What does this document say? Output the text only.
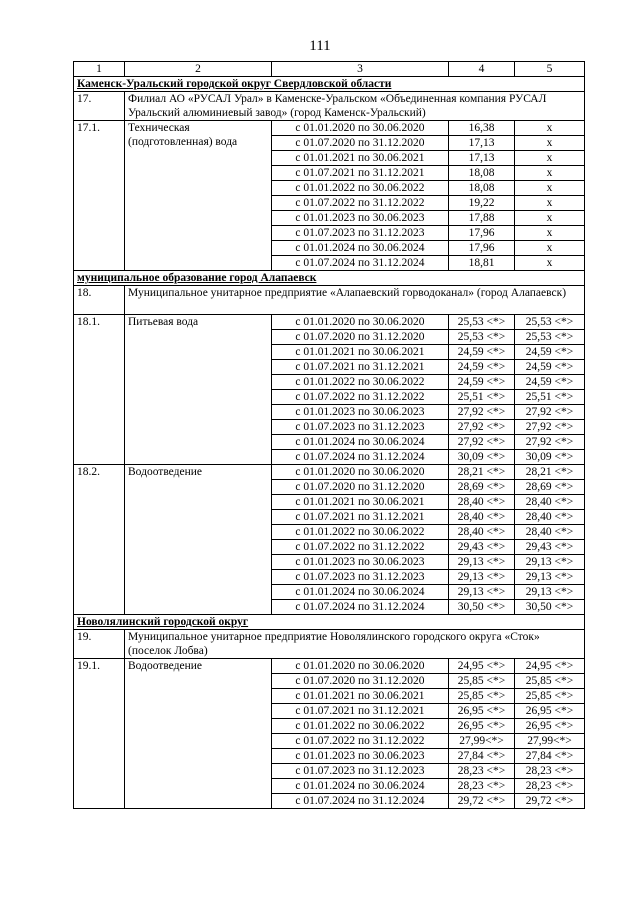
111
1	2	3	4	5
Каменск-Уральский городской округ Свердловской области				
17.	Филиал АО «РУСАЛ Урал» в Каменске-Уральском «Объединенная компания РУСАЛ Уральский алюминиевый завод» (город Каменск-Уральский)			
17.1.	Техническая (подготовленная) вода	с 01.01.2020 по 30.06.2020	16,38	x
		с 01.07.2020 по 31.12.2020	17,13	x
		с 01.01.2021 по 30.06.2021	17,13	x
		с 01.07.2021 по 31.12.2021	18,08	x
		с 01.01.2022 по 30.06.2022	18,08	x
		с 01.07.2022 по 31.12.2022	19,22	x
		с 01.01.2023 по 30.06.2023	17,88	x
		с 01.07.2023 по 31.12.2023	17,96	x
		с 01.01.2024 по 30.06.2024	17,96	x
		с 01.07.2024 по 31.12.2024	18,81	x
муниципальное образование город Алапаевск				
18.	Муниципальное унитарное предприятие «Алапаевский горводоканал» (город Алапаевск)			
18.1.	Питьевая вода	с 01.01.2020 по 30.06.2020	25,53 <*>	25,53 <*>
		с 01.07.2020 по 31.12.2020	25,53 <*>	25,53 <*>
		с 01.01.2021 по 30.06.2021	24,59 <*>	24,59 <*>
		с 01.07.2021 по 31.12.2021	24,59 <*>	24,59 <*>
		с 01.01.2022 по 30.06.2022	24,59 <*>	24,59 <*>
		с 01.07.2022 по 31.12.2022	25,51 <*>	25,51 <*>
		с 01.01.2023 по 30.06.2023	27,92 <*>	27,92 <*>
		с 01.07.2023 по 31.12.2023	27,92 <*>	27,92 <*>
		с 01.01.2024 по 30.06.2024	27,92 <*>	27,92 <*>
		с 01.07.2024 по 31.12.2024	30,09 <*>	30,09 <*>
18.2.	Водоотведение	с 01.01.2020 по 30.06.2020	28,21 <*>	28,21 <*>
		с 01.07.2020 по 31.12.2020	28,69 <*>	28,69 <*>
		с 01.01.2021 по 30.06.2021	28,40 <*>	28,40 <*>
		с 01.07.2021 по 31.12.2021	28,40 <*>	28,40 <*>
		с 01.01.2022 по 30.06.2022	28,40 <*>	28,40 <*>
		с 01.07.2022 по 31.12.2022	29,43 <*>	29,43 <*>
		с 01.01.2023 по 30.06.2023	29,13 <*>	29,13 <*>
		с 01.07.2023 по 31.12.2023	29,13 <*>	29,13 <*>
		с 01.01.2024 по 30.06.2024	29,13 <*>	29,13 <*>
		с 01.07.2024 по 31.12.2024	30,50 <*>	30,50 <*>
Новолялинский городской округ				
19.	Муниципальное унитарное предприятие Новолялинского городского округа «Сток» (поселок Лобва)			
19.1.	Водоотведение	с 01.01.2020 по 30.06.2020	24,95 <*>	24,95 <*>
		с 01.07.2020 по 31.12.2020	25,85 <*>	25,85 <*>
		с 01.01.2021 по 30.06.2021	25,85 <*>	25,85 <*>
		с 01.07.2021 по 31.12.2021	26,95 <*>	26,95 <*>
		с 01.01.2022 по 30.06.2022	26,95 <*>	26,95 <*>
		с 01.07.2022 по 31.12.2022	27,99<*>	27,99<*>
		с 01.01.2023 по 30.06.2023	27,84 <*>	27,84 <*>
		с 01.07.2023 по 31.12.2023	28,23 <*>	28,23 <*>
		с 01.01.2024 по 30.06.2024	28,23 <*>	28,23 <*>
		с 01.07.2024 по 31.12.2024	29,72 <*>	29,72 <*>
